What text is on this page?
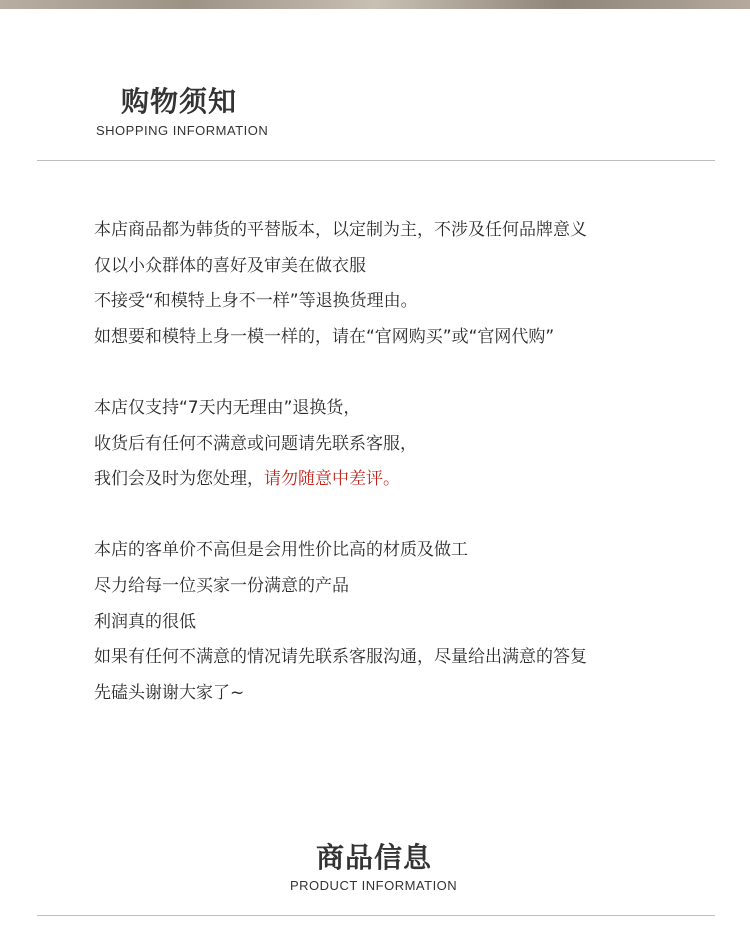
购物须知
SHOPPING INFORMATION

本店商品都为韩货的平替版本，以定制为主，不涉及任何品牌意义

仅以小众群体的喜好及审美在做衣服

不接受“和模特上身不一样”等退换货理由。

如想要和模特上身一模一样的，请在“官网购买”或“官网代购”

本店仅支持“7天内无理由”退换货，

收货后有任何不满意或问题请先联系客服，

我们会及时为您处理，请勿随意中差评。

本店的客单价不高但是会用性价比高的材质及做工

尽力给每一位买家一份满意的产品

利润真的很低

如果有任何不满意的情况请先联系客服沟通，尽量给出满意的答复

先磕头谢谢大家了~

商品信息
PRODUCT INFORMATION
